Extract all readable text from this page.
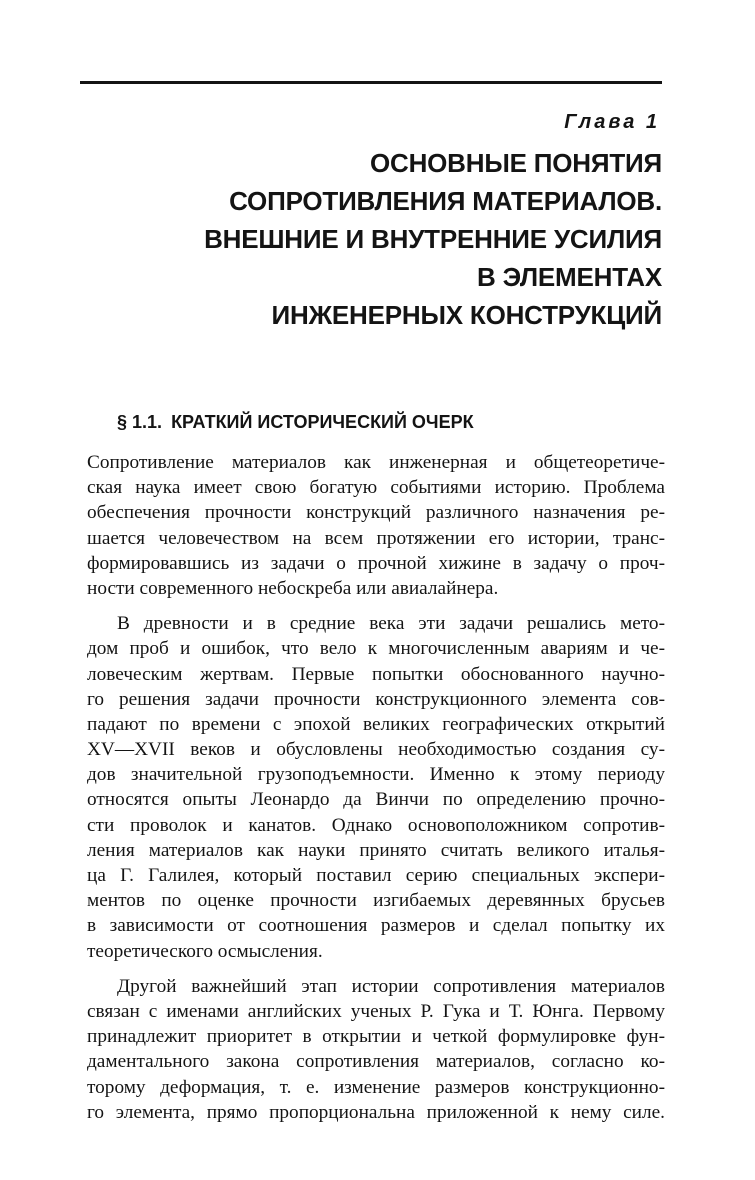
Глава 1
ОСНОВНЫЕ ПОНЯТИЯ
СОПРОТИВЛЕНИЯ МАТЕРИАЛОВ.
ВНЕШНИЕ И ВНУТРЕННИЕ УСИЛИЯ
В ЭЛЕМЕНТАХ
ИНЖЕНЕРНЫХ КОНСТРУКЦИЙ
§ 1.1. КРАТКИЙ ИСТОРИЧЕСКИЙ ОЧЕРК
Сопротивление материалов как инженерная и общетеоретиче-
ская наука имеет свою богатую событиями историю. Проблема
обеспечения прочности конструкций различного назначения ре-
шается человечеством на всем протяжении его истории, транс-
формировавшись из задачи о прочной хижине в задачу о проч-
ности современного небоскреба или авиалайнера.
В древности и в средние века эти задачи решались мето-
дом проб и ошибок, что вело к многочисленным авариям и че-
ловеческим жертвам. Первые попытки обоснованного научно-
го решения задачи прочности конструкционного элемента сов-
падают по времени с эпохой великих географических открытий
XV—XVII веков и обусловлены необходимостью создания су-
дов значительной грузоподъемности. Именно к этому периоду
относятся опыты Леонардо да Винчи по определению прочно-
сти проволок и канатов. Однако основоположником сопротив-
ления материалов как науки принято считать великого италья-
ца Г. Галилея, который поставил серию специальных экспери-
ментов по оценке прочности изгибаемых деревянных брусьев
в зависимости от соотношения размеров и сделал попытку их
теоретического осмысления.
Другой важнейший этап истории сопротивления материалов
связан с именами английских ученых Р. Гука и Т. Юнга. Первому
принадлежит приоритет в открытии и четкой формулировке фун-
даментального закона сопротивления материалов, согласно ко-
торому деформация, т. е. изменение размеров конструкционно-
го элемента, прямо пропорциональна приложенной к нему силе.
